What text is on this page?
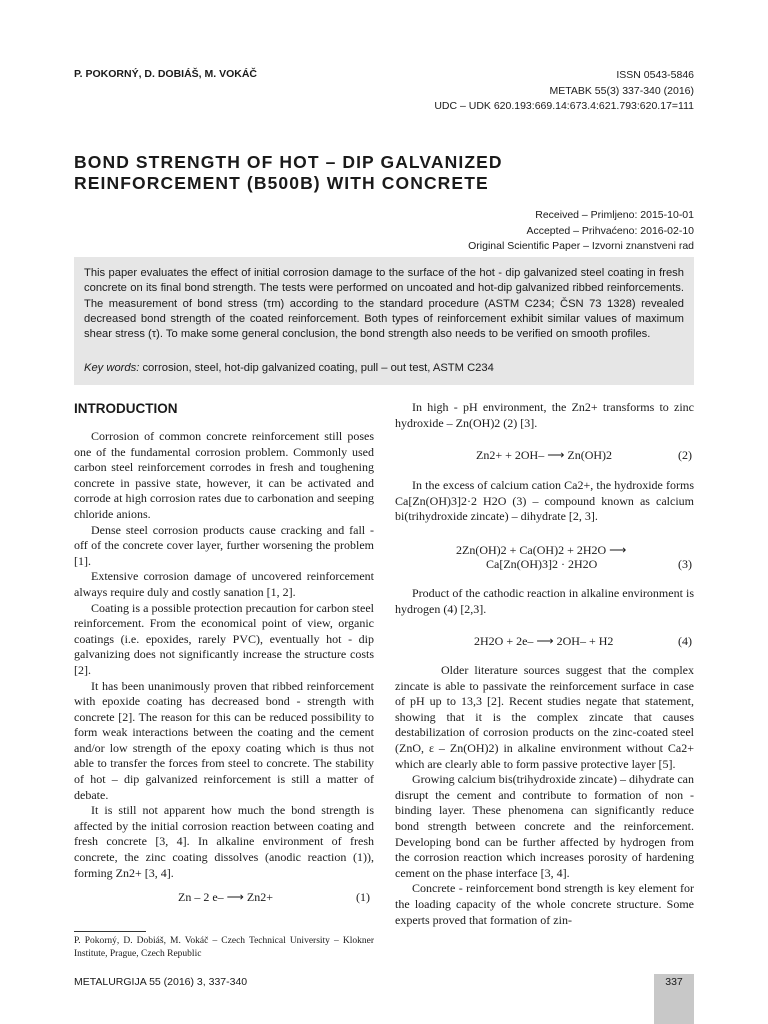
P. POKORNÝ, D. DOBIÁŠ, M. VOKÁČ	ISSN 0543-5846
METABK 55(3) 337-340 (2016)
UDC – UDK 620.193:669.14:673.4:621.793:620.17=111
BOND STRENGTH OF HOT – DIP GALVANIZED
REINFORCEMENT (B500B) WITH CONCRETE
Received – Primljeno: 2015-10-01
Accepted – Prihvaćeno: 2016-02-10
Original Scientific Paper – Izvorni znanstveni rad
This paper evaluates the effect of initial corrosion damage to the surface of the hot - dip galvanized steel coating in fresh concrete on its final bond strength. The tests were performed on uncoated and hot-dip galvanized ribbed reinforcements. The measurement of bond stress (τm) according to the standard procedure (ASTM C234; ČSN 73 1328) revealed decreased bond strength of the coated reinforcement. Both types of reinforcement exhibit similar values of maximum shear stress (τ). To make some general conclusion, the bond strength also needs to be verified on smooth profiles.
Key words: corrosion, steel, hot-dip galvanized coating, pull – out test, ASTM C234
INTRODUCTION

Corrosion of common concrete reinforcement still poses one of the fundamental corrosion problem. Commonly used carbon steel reinforcement corrodes in fresh and toughening concrete in passive state, however, it can be activated and corrode at high corrosion rates due to carbonation and seeping chloride anions.

Dense steel corrosion products cause cracking and fall - off of the concrete cover layer, further worsening the problem [1].

Extensive corrosion damage of uncovered reinforcement always require duly and costly sanation [1, 2].

Coating is a possible protection precaution for carbon steel reinforcement. From the economical point of view, organic coatings (i.e. epoxides, rarely PVC), eventually hot - dip galvanizing does not significantly increase the structure costs [2].

It has been unanimously proven that ribbed reinforcement with epoxide coating has decreased bond - strength with concrete [2]. The reason for this can be reduced possibility to form weak interactions between the coating and the cement and/or low strength of the epoxy coating which is thus not able to transfer the forces from steel to concrete. The stability of hot – dip galvanized reinforcement is still a matter of debate.

It is still not apparent how much the bond strength is affected by the initial corrosion reaction between coating and fresh concrete [3, 4]. In alkaline environment of fresh concrete, the zinc coating dissolves (anodic reaction (1)), forming Zn2+ [3, 4].

Zn – 2 e– ⟶ Zn2+	(1)

In high - pH environment, the Zn2+ transforms to zinc hydroxide – Zn(OH)2 (2) [3].

Zn2+ + 2OH– ⟶ Zn(OH)2	(2)

In the excess of calcium cation Ca2+, the hydroxide forms Ca[Zn(OH)3]2·2 H2O (3) – compound known as calcium bi(trihydroxide zincate) – dihydrate [2, 3].

2Zn(OH)2 + Ca(OH)2 + 2H2O ⟶
Ca[Zn(OH)3]2 · 2H2O	(3)

Product of the cathodic reaction in alkaline environment is hydrogen (4) [2,3].

2H2O + 2e– ⟶ 2OH– + H2	(4)

Older literature sources suggest that the complex zincate is able to passivate the reinforcement surface in case of pH up to 13,3 [2]. Recent studies negate that statement, showing that it is the complex zincate that causes destabilization of corrosion products on the zinc-coated steel (ZnO, ε – Zn(OH)2) in alkaline environment without Ca2+ which are clearly able to form passive protective layer [5].

Growing calcium bis(trihydroxide zincate) – dihydrate can disrupt the cement and contribute to formation of non - binding layer. These phenomena can significantly reduce bond strength between concrete and the reinforcement. Developing bond can be further affected by hydrogen from the corrosion reaction which increases porosity of hardening cement on the phase interface [3, 4].

Concrete - reinforcement bond strength is key element for the loading capacity of the whole concrete structure. Some experts proved that formation of zin-

P. Pokorný, D. Dobiáš, M. Vokáč – Czech Technical University – Klokner Institute, Prague, Czech Republic
METALURGIJA 55 (2016) 3, 337-340	337
